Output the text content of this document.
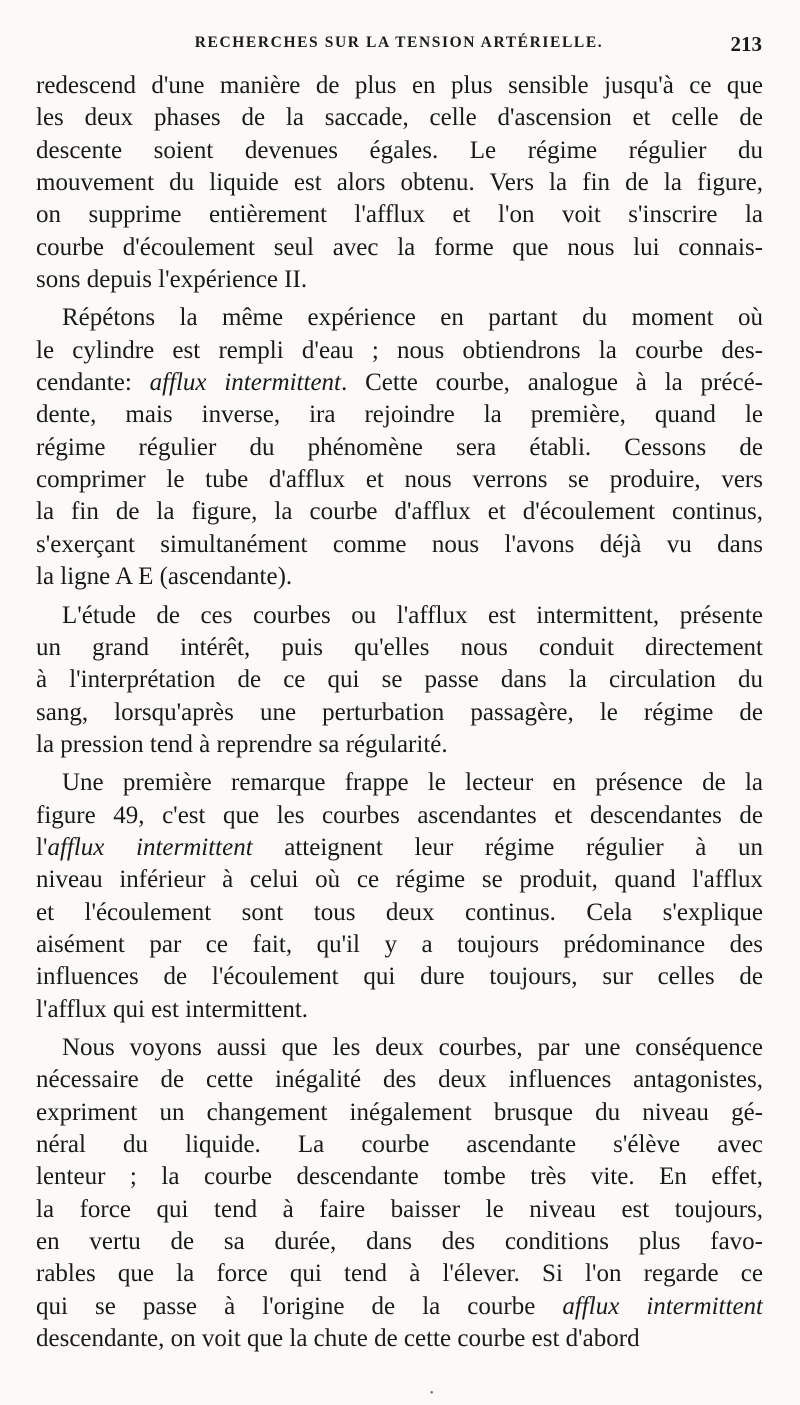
RECHERCHES SUR LA TENSION ARTÉRIELLE.	213
redescend d'une manière de plus en plus sensible jusqu'à ce que
les deux phases de la saccade, celle d'ascension et celle de
descente soient devenues égales. Le régime régulier du
mouvement du liquide est alors obtenu. Vers la fin de la figure,
on supprime entièrement l'afflux et l'on voit s'inscrire la
courbe d'écoulement seul avec la forme que nous lui connais-
sons depuis l'expérience II.
Répétons la même expérience en partant du moment où
le cylindre est rempli d'eau ; nous obtiendrons la courbe des-
cendante: afflux intermittent. Cette courbe, analogue à la précé-
dente, mais inverse, ira rejoindre la première, quand le
régime régulier du phénomène sera établi. Cessons de
comprimer le tube d'afflux et nous verrons se produire, vers
la fin de la figure, la courbe d'afflux et d'écoulement continus,
s'exerçant simultanément comme nous l'avons déjà vu dans
la ligne A E (ascendante).
L'étude de ces courbes ou l'afflux est intermittent, présente
un grand intérêt, puis qu'elles nous conduit directement
à l'interprétation de ce qui se passe dans la circulation du
sang, lorsqu'après une perturbation passagère, le régime de
la pression tend à reprendre sa régularité.
Une première remarque frappe le lecteur en présence de la
figure 49, c'est que les courbes ascendantes et descendantes de
l'afflux intermittent atteignent leur régime régulier à un
niveau inférieur à celui où ce régime se produit, quand l'afflux
et l'écoulement sont tous deux continus. Cela s'explique
aisément par ce fait, qu'il y a toujours prédominance des
influences de l'écoulement qui dure toujours, sur celles de
l'afflux qui est intermittent.
Nous voyons aussi que les deux courbes, par une conséquence
nécessaire de cette inégalité des deux influences antagonistes,
expriment un changement inégalement brusque du niveau gé-
néral du liquide. La courbe ascendante s'élève avec
lenteur ; la courbe descendante tombe très vite. En effet,
la force qui tend à faire baisser le niveau est toujours,
en vertu de sa durée, dans des conditions plus favo-
rables que la force qui tend à l'élever. Si l'on regarde ce
qui se passe à l'origine de la courbe afflux intermittent
descendante, on voit que la chute de cette courbe est d'abord
•
